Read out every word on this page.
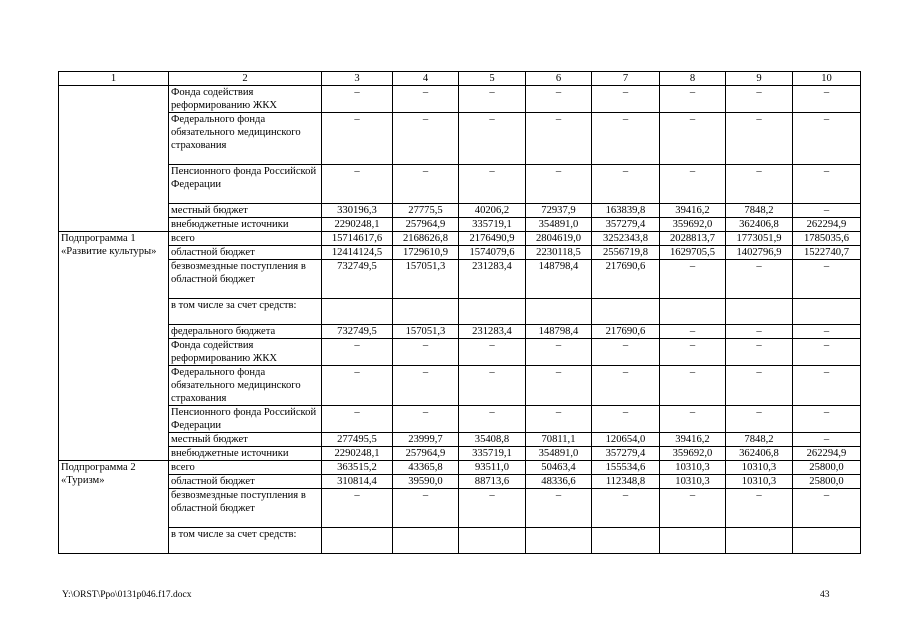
1	2	3	4	5	6	7	8	9	10
	Фонда содействия реформированию ЖКХ	–	–	–	–	–	–	–	–
	Федерального фонда обязательного медицинского страхования	–	–	–	–	–	–	–	–
	Пенсионного фонда Российской Федерации	–	–	–	–	–	–	–	–
	местный бюджет	330196,3	27775,5	40206,2	72937,9	163839,8	39416,2	7848,2	–
	внебюджетные источники	2290248,1	257964,9	335719,1	354891,0	357279,4	359692,0	362406,8	262294,9
Подпрограмма 1 «Развитие культуры»	всего	15714617,6	2168626,8	2176490,9	2804619,0	3252343,8	2028813,7	1773051,9	1785035,6
	областной бюджет	12414124,5	1729610,9	1574079,6	2230118,5	2556719,8	1629705,5	1402796,9	1522740,7
	безвозмездные поступления в областной бюджет	732749,5	157051,3	231283,4	148798,4	217690,6	–	–	–
	в том числе за счет средств:								
	федерального бюджета	732749,5	157051,3	231283,4	148798,4	217690,6	–	–	–
	Фонда содействия реформированию ЖКХ	–	–	–	–	–	–	–	–
	Федерального фонда обязательного медицинского страхования	–	–	–	–	–	–	–	–
	Пенсионного фонда Российской Федерации	–	–	–	–	–	–	–	–
	местный бюджет	277495,5	23999,7	35408,8	70811,1	120654,0	39416,2	7848,2	–
	внебюджетные источники	2290248,1	257964,9	335719,1	354891,0	357279,4	359692,0	362406,8	262294,9
Подпрограмма 2 «Туризм»	всего	363515,2	43365,8	93511,0	50463,4	155534,6	10310,3	10310,3	25800,0
	областной бюджет	310814,4	39590,0	88713,6	48336,6	112348,8	10310,3	10310,3	25800,0
	безвозмездные поступления в областной бюджет	–	–	–	–	–	–	–	–
	в том числе за счет средств:								
Y:\ORST\Ppo\0131p046.f17.docx	43
